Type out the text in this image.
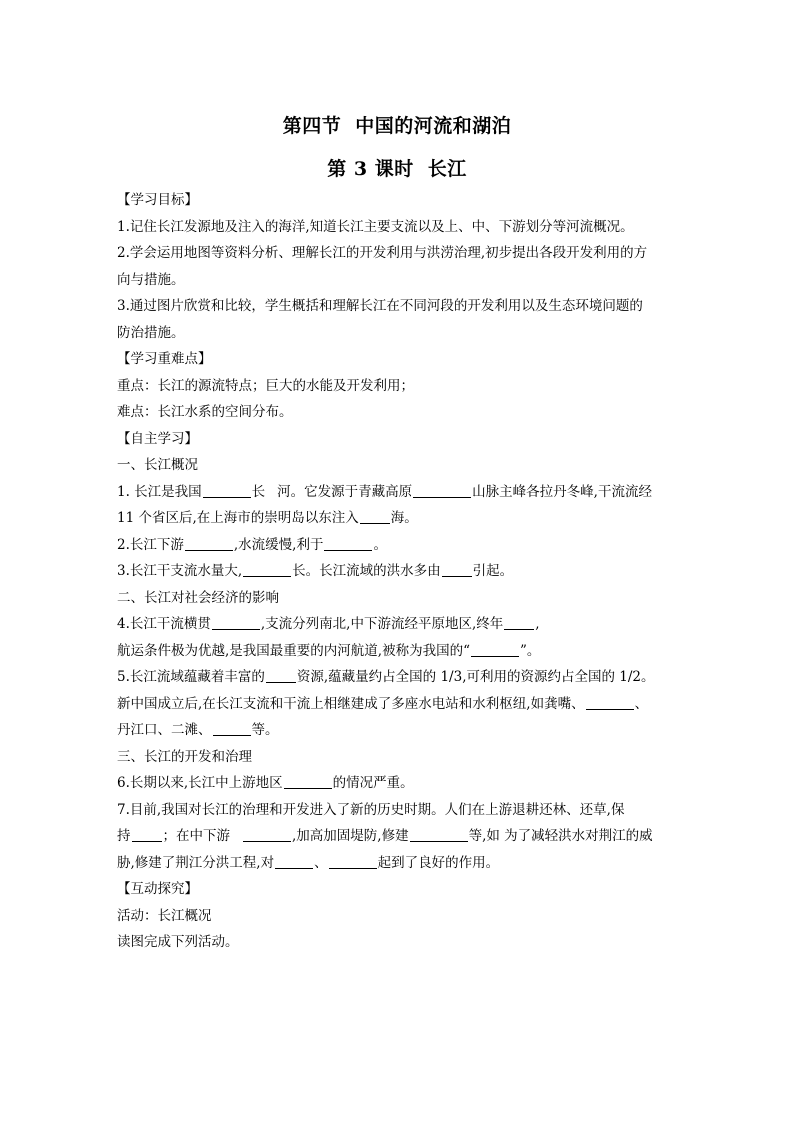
第四节 中国的河流和湖泊

第 3 课时 长江

【学习目标】

1.记住长江发源地及注入的海洋,知道长江主要支流以及上、中、下游划分等河流概况。

2.学会运用地图等资料分析、理解长江的开发利用与洪涝治理,初步提出各段开发利用的方

向与措施。

3.通过图片欣赏和比较，学生概括和理解长江在不同河段的开发利用以及生态环境问题的

防治措施。

【学习重难点】

重点：长江的源流特点；巨大的水能及开发利用；

难点：长江水系的空间分布。

【自主学习】

一、长江概况

1. 长江是我国	长 河。它发源于青藏高原	山脉主峰各拉丹冬峰,干流流经

11 个省区后,在上海市的崇明岛以东注入 海。

2.长江下游	,水流缓慢,利于	。

3.长江干支流水量大,	长。长江流域的洪水多由 引起。

二、长江对社会经济的影响

4.长江干流横贯	,支流分列南北,中下游流经平原地区,终年 ,

航运条件极为优越,是我国最重要的内河航道,被称为我国的“	”。

5.长江流域蕴藏着丰富的 资源,蕴藏量约占全国的 1/3,可利用的资源约占全国的 1/2。

新中国成立后,在长江支流和干流上相继建成了多座水电站和水利枢纽,如龚嘴、	、

丹江口、二滩、	等。

三、长江的开发和治理

6.长期以来,长江中上游地区	的情况严重。

7.目前,我国对长江的治理和开发进入了新的历史时期。人们在上游退耕还林、还草,保

持 ；在中下游	,加高加固堤防,修建	等,如 为了减轻洪水对荆江的威

胁,修建了荆江分洪工程,对	、	起到了良好的作用。

【互动探究】

活动：长江概况

读图完成下列活动。
